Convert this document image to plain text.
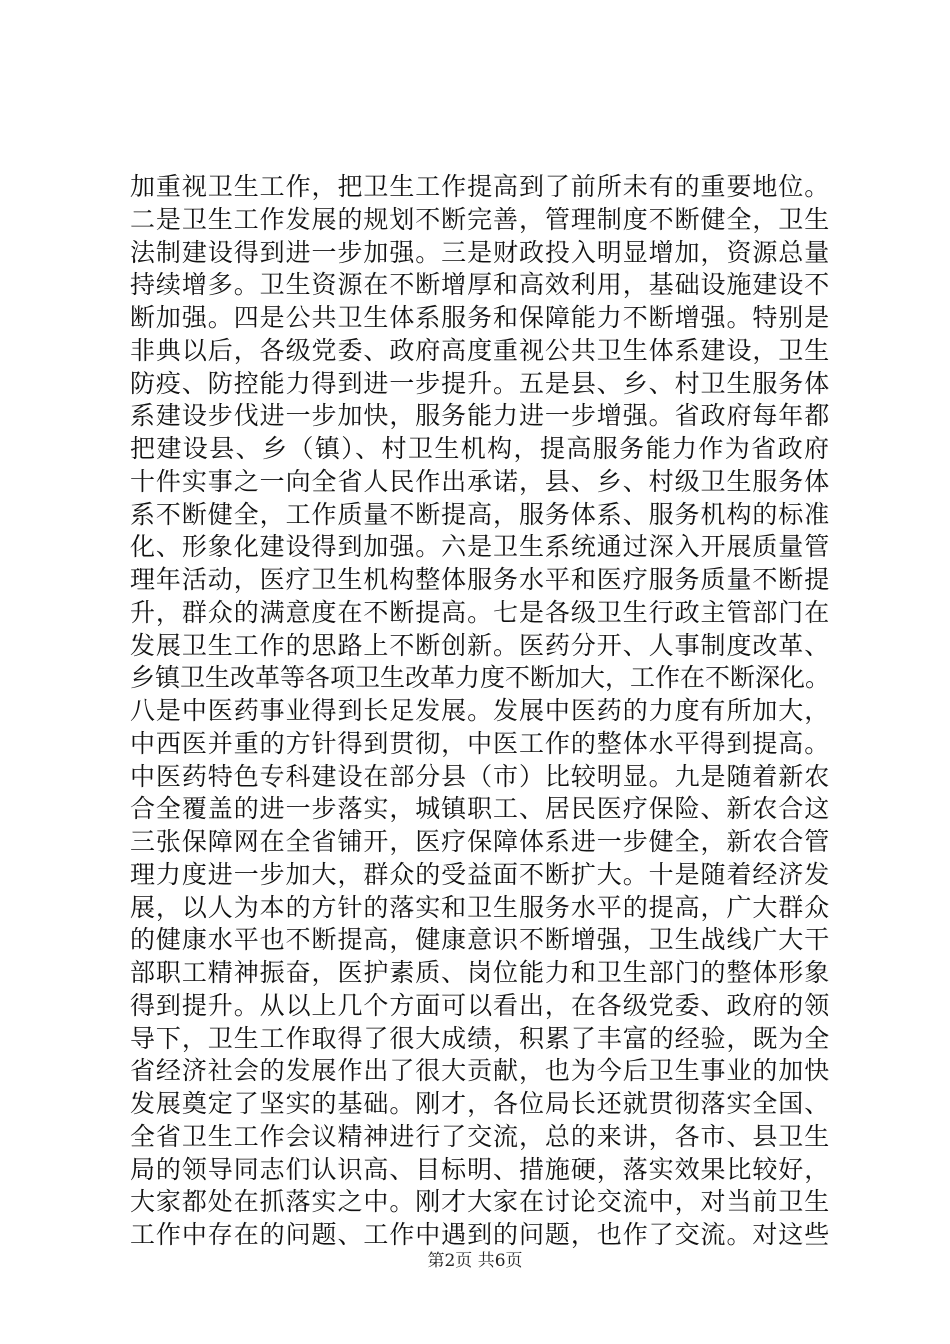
加重视卫生工作，把卫生工作提高到了前所未有的重要地位。
二是卫生工作发展的规划不断完善，管理制度不断健全，卫生
法制建设得到进一步加强。三是财政投入明显增加，资源总量
持续增多。卫生资源在不断增厚和高效利用，基础设施建设不
断加强。四是公共卫生体系服务和保障能力不断增强。特别是
非典以后，各级党委、政府高度重视公共卫生体系建设，卫生
防疫、防控能力得到进一步提升。五是县、乡、村卫生服务体
系建设步伐进一步加快，服务能力进一步增强。省政府每年都
把建设县、乡（镇）、村卫生机构，提高服务能力作为省政府
十件实事之一向全省人民作出承诺，县、乡、村级卫生服务体
系不断健全，工作质量不断提高，服务体系、服务机构的标准
化、形象化建设得到加强。六是卫生系统通过深入开展质量管
理年活动，医疗卫生机构整体服务水平和医疗服务质量不断提
升，群众的满意度在不断提高。七是各级卫生行政主管部门在
发展卫生工作的思路上不断创新。医药分开、人事制度改革、
乡镇卫生改革等各项卫生改革力度不断加大，工作在不断深化。
八是中医药事业得到长足发展。发展中医药的力度有所加大，
中西医并重的方针得到贯彻，中医工作的整体水平得到提高。
中医药特色专科建设在部分县（市）比较明显。九是随着新农
合全覆盖的进一步落实，城镇职工、居民医疗保险、新农合这
三张保障网在全省铺开，医疗保障体系进一步健全，新农合管
理力度进一步加大，群众的受益面不断扩大。十是随着经济发
展，以人为本的方针的落实和卫生服务水平的提高，广大群众
的健康水平也不断提高，健康意识不断增强，卫生战线广大干
部职工精神振奋，医护素质、岗位能力和卫生部门的整体形象
得到提升。从以上几个方面可以看出，在各级党委、政府的领
导下，卫生工作取得了很大成绩，积累了丰富的经验，既为全
省经济社会的发展作出了很大贡献，也为今后卫生事业的加快
发展奠定了坚实的基础。刚才，各位局长还就贯彻落实全国、
全省卫生工作会议精神进行了交流，总的来讲，各市、县卫生
局的领导同志们认识高、目标明、措施硬，落实效果比较好，
大家都处在抓落实之中。刚才大家在讨论交流中，对当前卫生
工作中存在的问题、工作中遇到的问题，也作了交流。对这些
第2页 共6页
